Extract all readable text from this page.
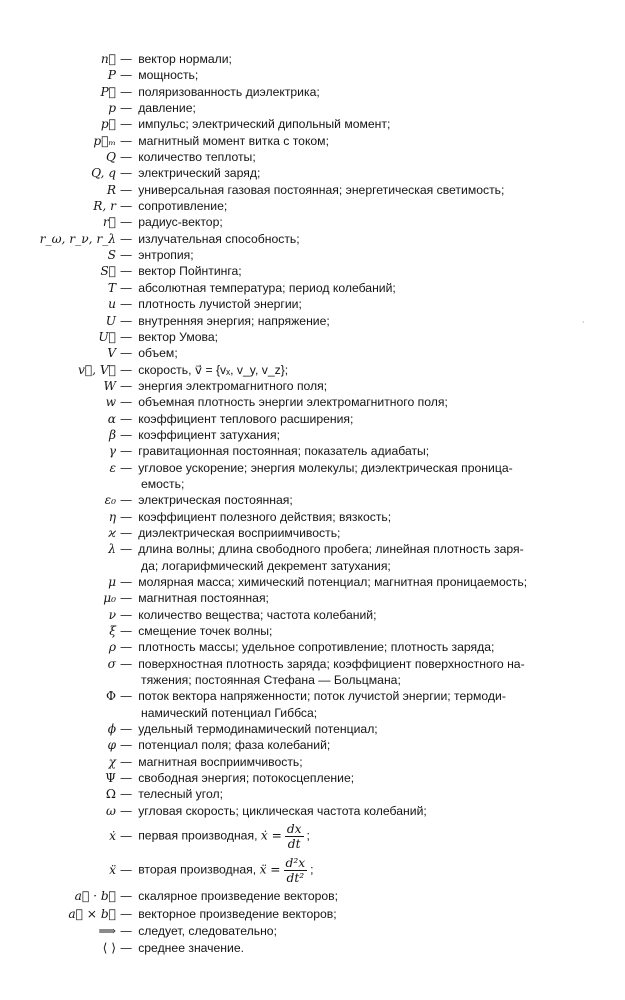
n⃗ — вектор нормали;
P — мощность;
P⃗ — поляризованность диэлектрика;
p — давление;
p⃗ — импульс; электрический дипольный момент;
p⃗ₘ — магнитный момент витка с током;
Q — количество теплоты;
Q, q — электрический заряд;
R — универсальная газовая постоянная; энергетическая светимость;
R, r — сопротивление;
r⃗ — радиус-вектор;
r_ω, r_ν, r_λ — излучательная способность;
S — энтропия;
S⃗ — вектор Пойнтинга;
T — абсолютная температура; период колебаний;
u — плотность лучистой энергии;
U — внутренняя энергия; напряжение;
U⃗ — вектор Умова;
V — объем;
v⃗, V⃗ — скорость, v⃗ = {vₓ, v_y, v_z};
W — энергия электромагнитного поля;
w — объемная плотность энергии электромагнитного поля;
α — коэффициент теплового расширения;
β — коэффициент затухания;
γ — гравитационная постоянная; показатель адиабаты;
ε — угловое ускорение; энергия молекулы; диэлектрическая проница-
емость;
ε₀ — электрическая постоянная;
η — коэффициент полезного действия; вязкость;
ϰ — диэлектрическая восприимчивость;
λ — длина волны; длина свободного пробега; линейная плотность заря-
да; логарифмический декремент затухания;
μ — молярная масса; химический потенциал; магнитная проницаемость;
μ₀ — магнитная постоянная;
ν — количество вещества; частота колебаний;
ξ — смещение точек волны;
ρ — плотность массы; удельное сопротивление; плотность заряда;
σ — поверхностная плотность заряда; коэффициент поверхностного на-
тяжения; постоянная Стефана — Больцмана;
Φ — поток вектора напряженности; поток лучистой энергии; термоди-
намический потенциал Гиббса;
ϕ — удельный термодинамический потенциал;
φ — потенциал поля; фаза колебаний;
χ — магнитная восприимчивость;
Ψ — свободная энергия; потокосцепление;
Ω — телесный угол;
ω — угловая скорость; циклическая частота колебаний;
ẋ — первая производная, ẋ = $\frac{dx}{dt}$ ;
ẍ — вторая производная, ẍ = $\frac{\text{d²x}}{\text{dt²}}$ ;
a⃗ · b⃗ — скалярное произведение векторов;
a⃗ × b⃗ — векторное произведение векторов;
⟹ — следует, следовательно;
⟨ ⟩ — среднее значение.
·
